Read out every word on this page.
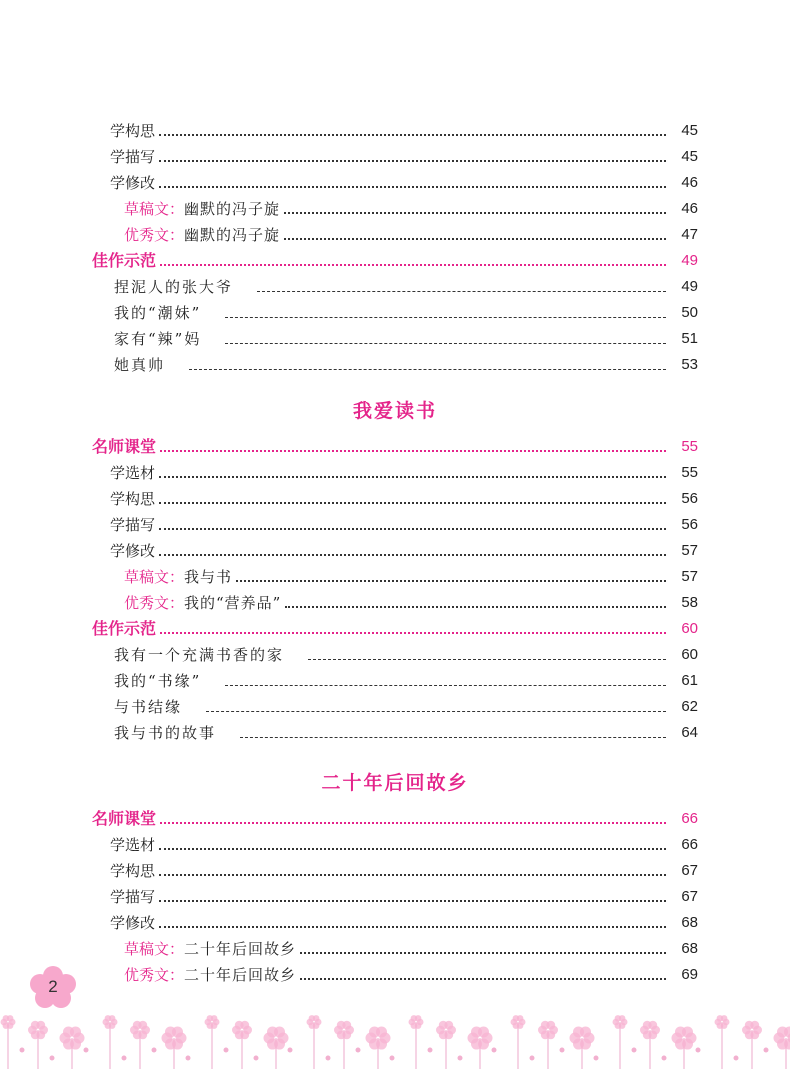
学构思	45
学描写	45
学修改	46
草稿文： 幽默的冯子旋	46
优秀文： 幽默的冯子旋	47
佳作示范	49
捏泥人的张大爷	49
我的“潮妹”	50
家有“辣”妈	51
她真帅	53
我爱读书
名师课堂	55
学选材	55
学构思	56
学描写	56
学修改	57
草稿文： 我与书	57
优秀文： 我的“营养品”	58
佳作示范	60
我有一个充满书香的家	60
我的“书缘”	61
与书结缘	62
我与书的故事	64
二十年后回故乡
名师课堂	66
学选材	66
学构思	67
学描写	67
学修改	68
草稿文： 二十年后回故乡	68
优秀文： 二十年后回故乡	69
2
